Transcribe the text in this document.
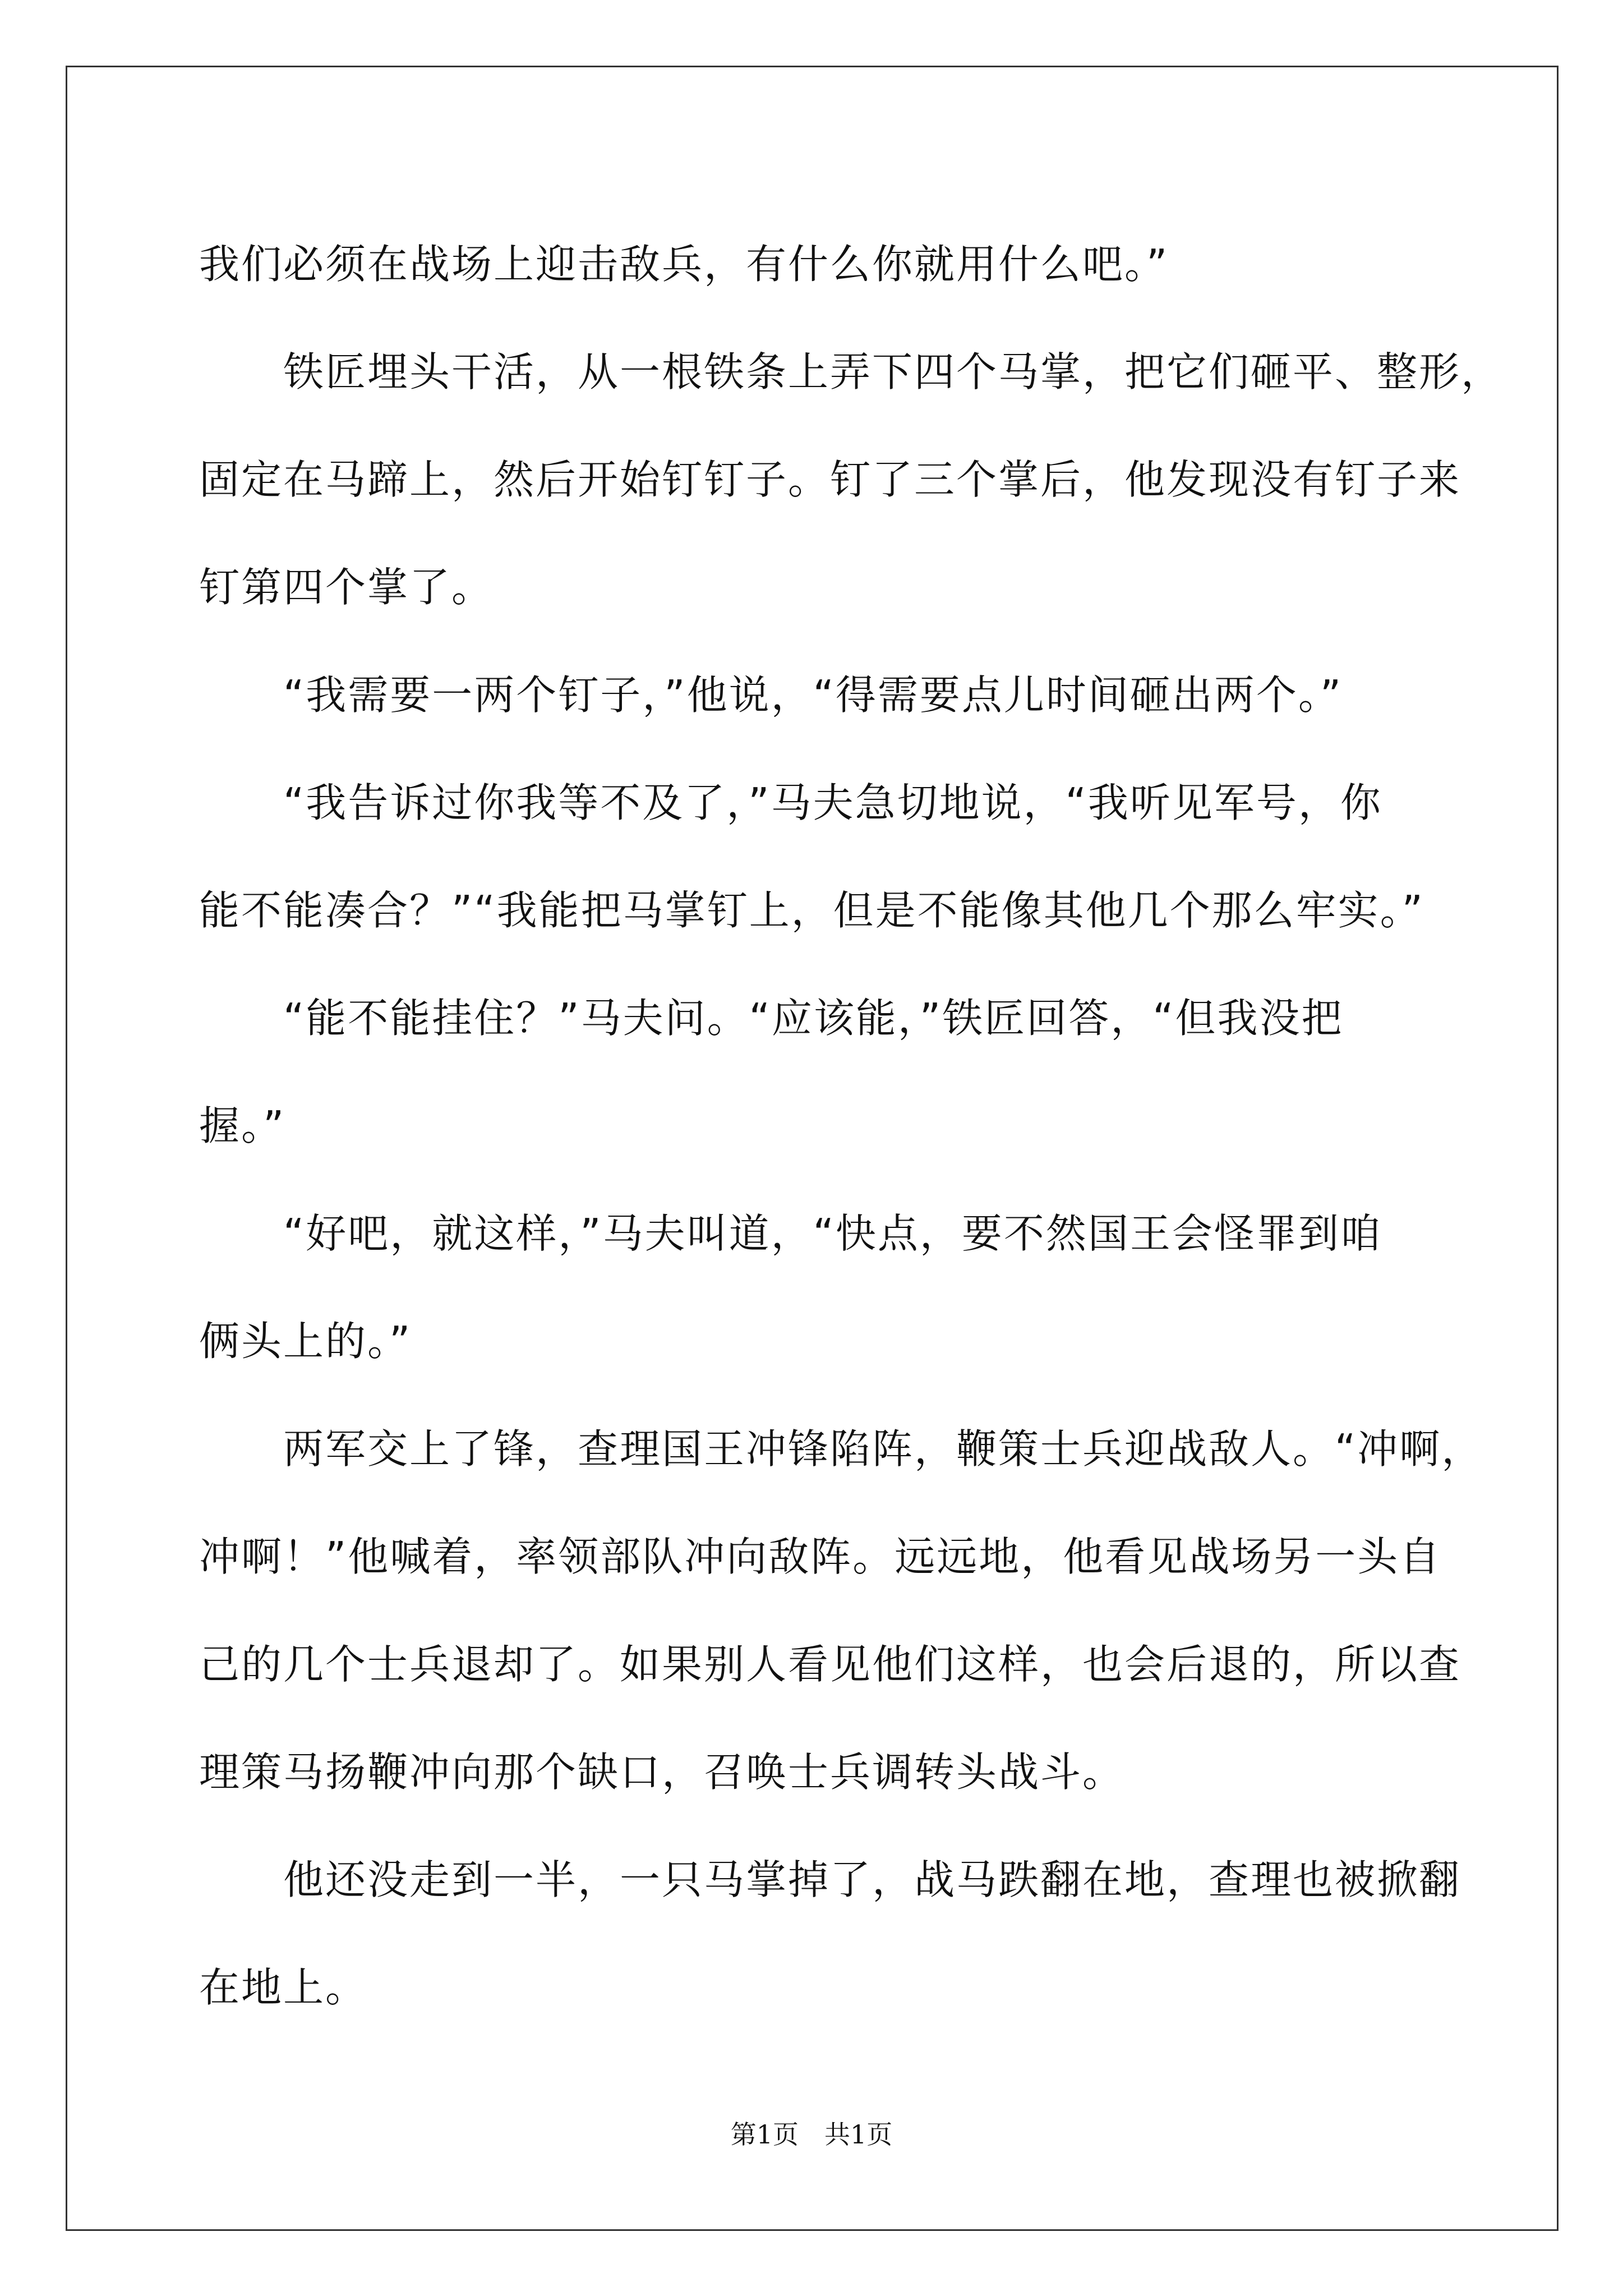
我们必须在战场上迎击敌兵，有什么你就用什么吧。”
　　铁匠埋头干活，从一根铁条上弄下四个马掌，把它们砸平、整形，
固定在马蹄上，然后开始钉钉子。钉了三个掌后，他发现没有钉子来
钉第四个掌了。
　　“我需要一两个钉子，”他说，“得需要点儿时间砸出两个。”
　　“我告诉过你我等不及了，”马夫急切地说，“我听见军号，你
能不能凑合？”“我能把马掌钉上，但是不能像其他几个那么牢实。”
　　“能不能挂住？”马夫问。“应该能，”铁匠回答，“但我没把
握。”
　　“好吧，就这样，”马夫叫道，“快点，要不然国王会怪罪到咱
俩头上的。”
　　两军交上了锋，查理国王冲锋陷阵，鞭策士兵迎战敌人。“冲啊，
冲啊！”他喊着，率领部队冲向敌阵。远远地，他看见战场另一头自
己的几个士兵退却了。如果别人看见他们这样，也会后退的，所以查
理策马扬鞭冲向那个缺口，召唤士兵调转头战斗。
　　他还没走到一半，一只马掌掉了，战马跌翻在地，查理也被掀翻
在地上。
第1页　共1页
